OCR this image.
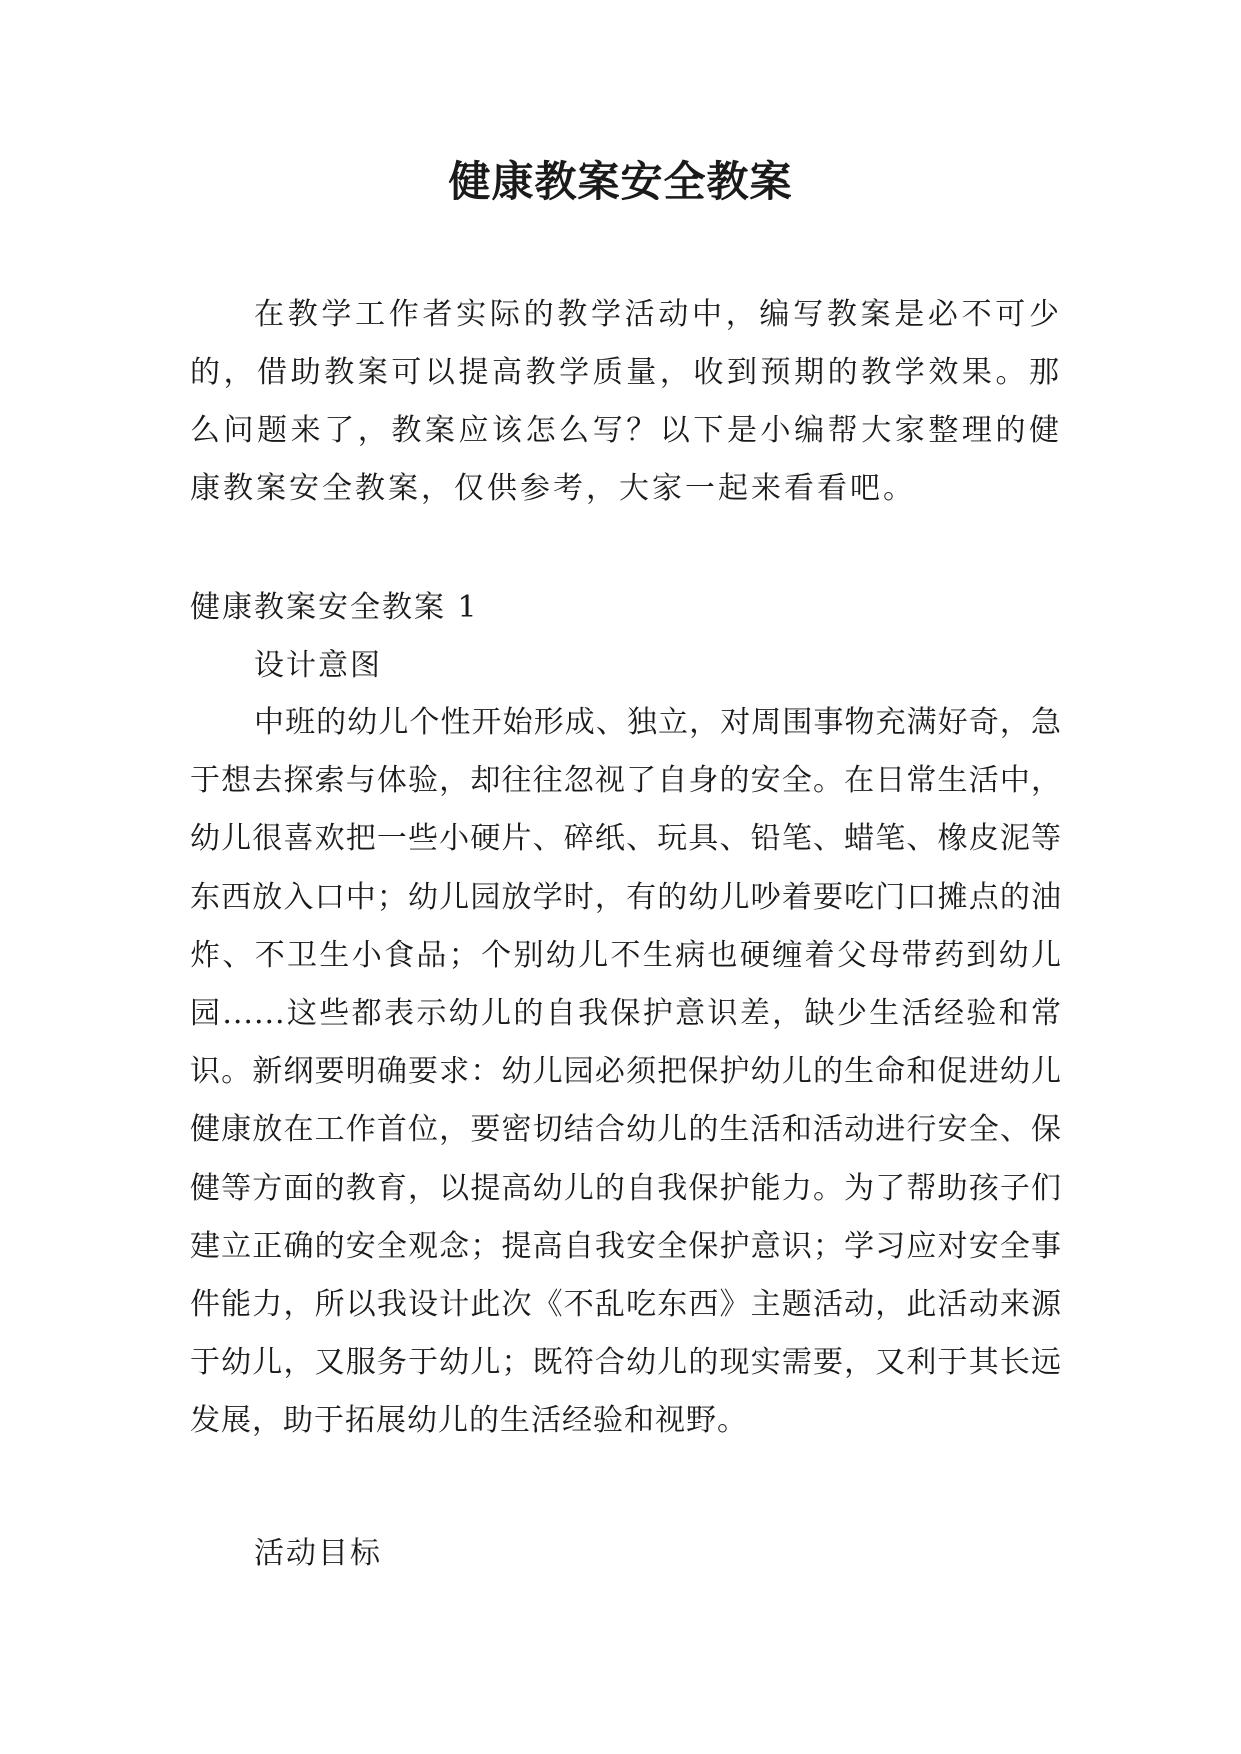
健康教案安全教案

在教学工作者实际的教学活动中，编写教案是必不可少的，借助教案可以提高教学质量，收到预期的教学效果。那么问题来了，教案应该怎么写？以下是小编帮大家整理的健康教案安全教案，仅供参考，大家一起来看看吧。

健康教案安全教案 1

设计意图

中班的幼儿个性开始形成、独立，对周围事物充满好奇，急于想去探索与体验，却往往忽视了自身的安全。在日常生活中，幼儿很喜欢把一些小硬片、碎纸、玩具、铅笔、蜡笔、橡皮泥等东西放入口中；幼儿园放学时，有的幼儿吵着要吃门口摊点的油炸、不卫生小食品；个别幼儿不生病也硬缠着父母带药到幼儿园......这些都表示幼儿的自我保护意识差，缺少生活经验和常识。新纲要明确要求：幼儿园必须把保护幼儿的生命和促进幼儿健康放在工作首位，要密切结合幼儿的生活和活动进行安全、保健等方面的教育，以提高幼儿的自我保护能力。为了帮助孩子们建立正确的安全观念；提高自我安全保护意识；学习应对安全事件能力，所以我设计此次《不乱吃东西》主题活动，此活动来源于幼儿，又服务于幼儿；既符合幼儿的现实需要，又利于其长远发展，助于拓展幼儿的生活经验和视野。

活动目标
